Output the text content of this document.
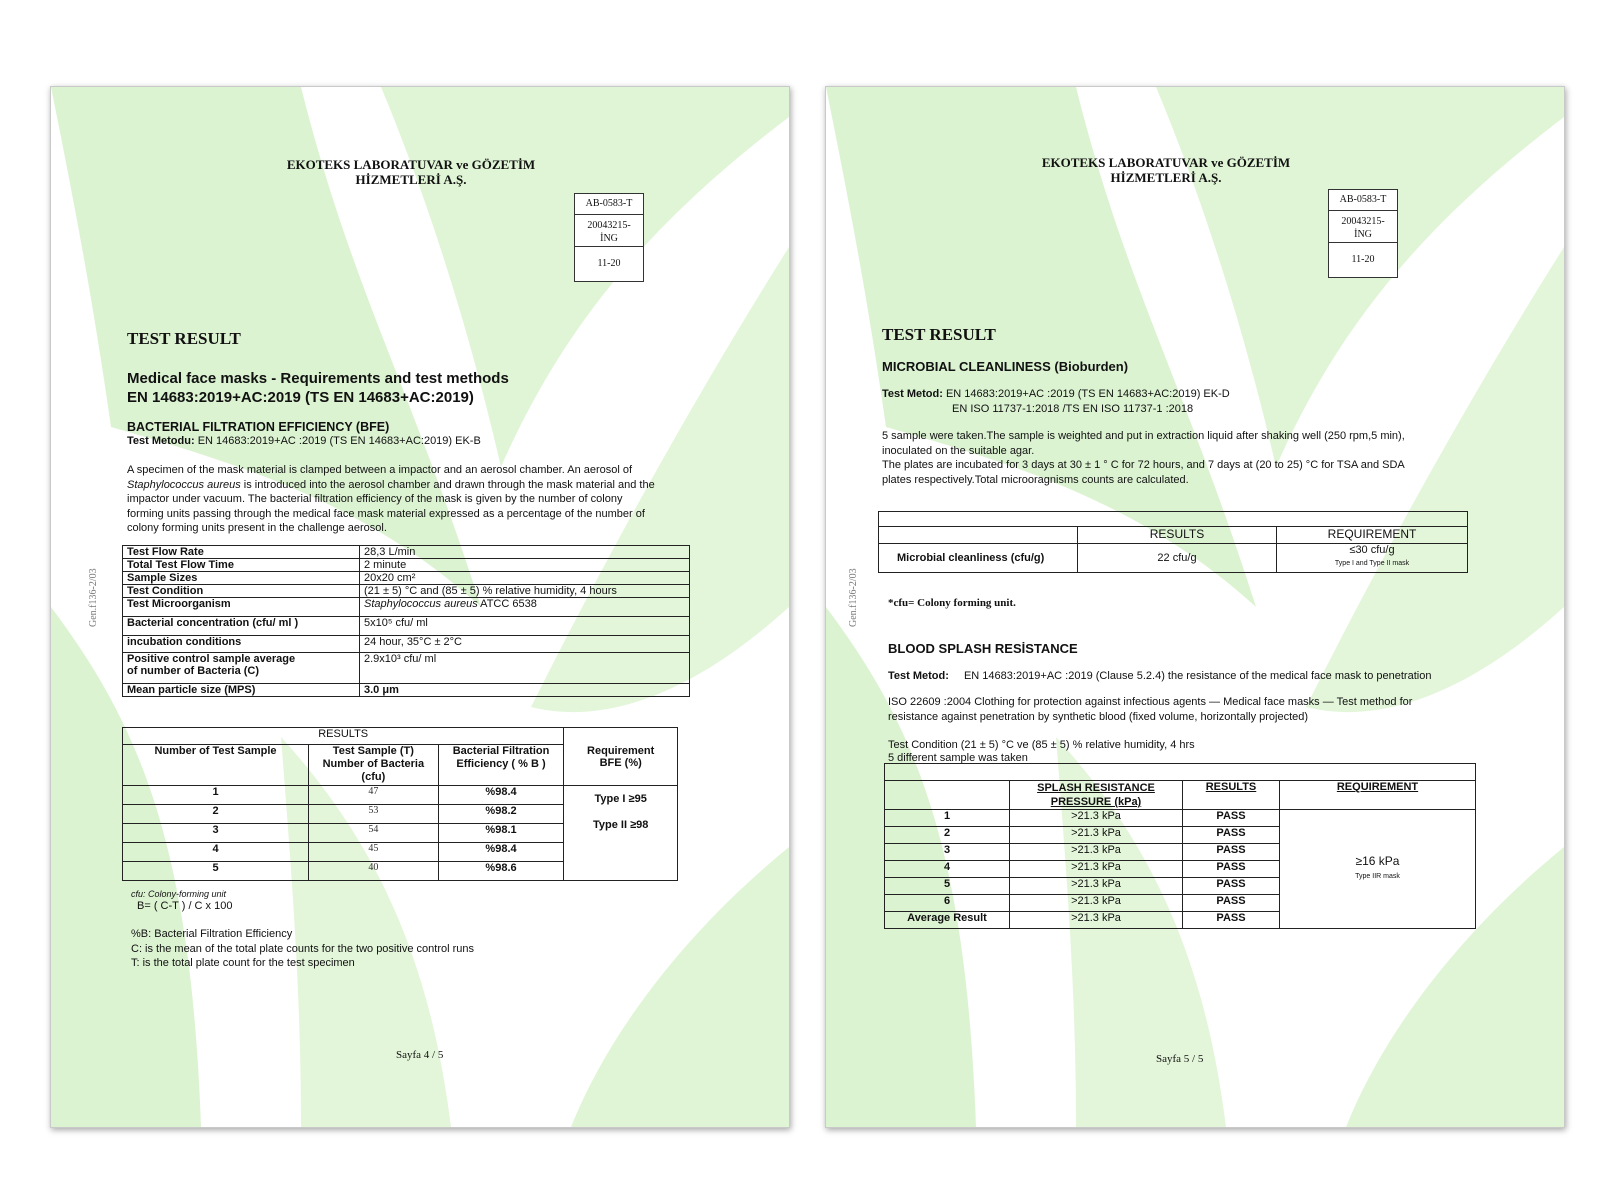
EKOTEKS LABORATUVAR ve GÖZETİM
HİZMETLERİ A.Ş.
AB-0583-T
20043215-
İNG
11-20
Gen.f136-2/03
TEST RESULT
Medical face masks - Requirements and test methods
EN 14683:2019+AC:2019 (TS EN 14683+AC:2019)
BACTERIAL FILTRATION EFFICIENCY (BFE)
Test Metodu: EN 14683:2019+AC :2019 (TS EN 14683+AC:2019) EK-B
A specimen of the mask material is clamped between a impactor and an aerosol chamber. An aerosol of
Staphylococcus aureus is introduced into the aerosol chamber and drawn through the mask material and the
impactor under vacuum. The bacterial filtration efficiency of the mask is given by the number of colony
forming units passing through the medical face mask material expressed as a percentage of the number of
colony forming units present in the challenge aerosol.
Test Flow Rate	28,3 L/min
Total Test Flow Time	2 minute
Sample Sizes	20x20 cm²
Test Condition	(21 ± 5) °C and (85 ± 5) % relative humidity, 4 hours
Test Microorganism	Staphylococcus aureus ATCC 6538
Bacterial concentration (cfu/ ml )	5x10⁵ cfu/ ml
incubation conditions	24 hour, 35°C ± 2°C
Positive control sample average
of number of Bacteria (C)	2.9x10³ cfu/ ml
Mean particle size (MPS)	3.0 μm
RESULTS			Requirement
BFE (%)
Number of Test Sample	Test Sample (T)
Number of Bacteria
(cfu)	Bacterial Filtration
Efficiency ( % B )	
1	47	%98.4	Type I ≥95
Type II ≥98
2	53	%98.2	
3	54	%98.1	
4	45	%98.4	
5	40	%98.6	
cfu: Colony-forming unit
B= ( C-T ) / C x 100
%B: Bacterial Filtration Efficiency
C: is the mean of the total plate counts for the two positive control runs
T: is the total plate count for the test specimen
Sayfa 4 / 5
EKOTEKS LABORATUVAR ve GÖZETİM
HİZMETLERİ A.Ş.
AB-0583-T
20043215-
İNG
11-20
Gen.f136-2/03
TEST RESULT
MICROBIAL CLEANLINESS (Bioburden)
Test Metod: EN 14683:2019+AC :2019 (TS EN 14683+AC:2019) EK-D
EN ISO 11737-1:2018 /TS EN ISO 11737-1 :2018
5 sample were taken.The sample is weighted and put in extraction liquid after shaking well (250 rpm,5 min),
inoculated on the suitable agar.
The plates are incubated for 3 days at 30 ± 1 ° C for 72 hours, and 7 days at (20 to 25) °C for TSA and SDA
plates respectively.Total microoragnisms counts are calculated.

	RESULTS	REQUIREMENT
Microbial cleanliness (cfu/g)	22 cfu/g	≤30 cfu/g
Type I and Type II mask
*cfu= Colony forming unit.
BLOOD SPLASH RESİSTANCE
Test Metod: EN 14683:2019+AC :2019 (Clause 5.2.4) the resistance of the medical face mask to penetration
ISO 22609 :2004 Clothing for protection against infectious agents — Medical face masks — Test method for
resistance against penetration by synthetic blood (fixed volume, horizontally projected)
Test Condition (21 ± 5) °C ve (85 ± 5) % relative humidity, 4 hrs
5 different sample was taken

	SPLASH RESISTANCE
PRESSURE (kPa)	RESULTS	REQUIREMENT
1	>21.3 kPa	PASS	≥16 kPa
Type IIR mask
2	>21.3 kPa	PASS	
3	>21.3 kPa	PASS	
4	>21.3 kPa	PASS	
5	>21.3 kPa	PASS	
6	>21.3 kPa	PASS	
Average Result	>21.3 kPa	PASS	
Sayfa 5 / 5
